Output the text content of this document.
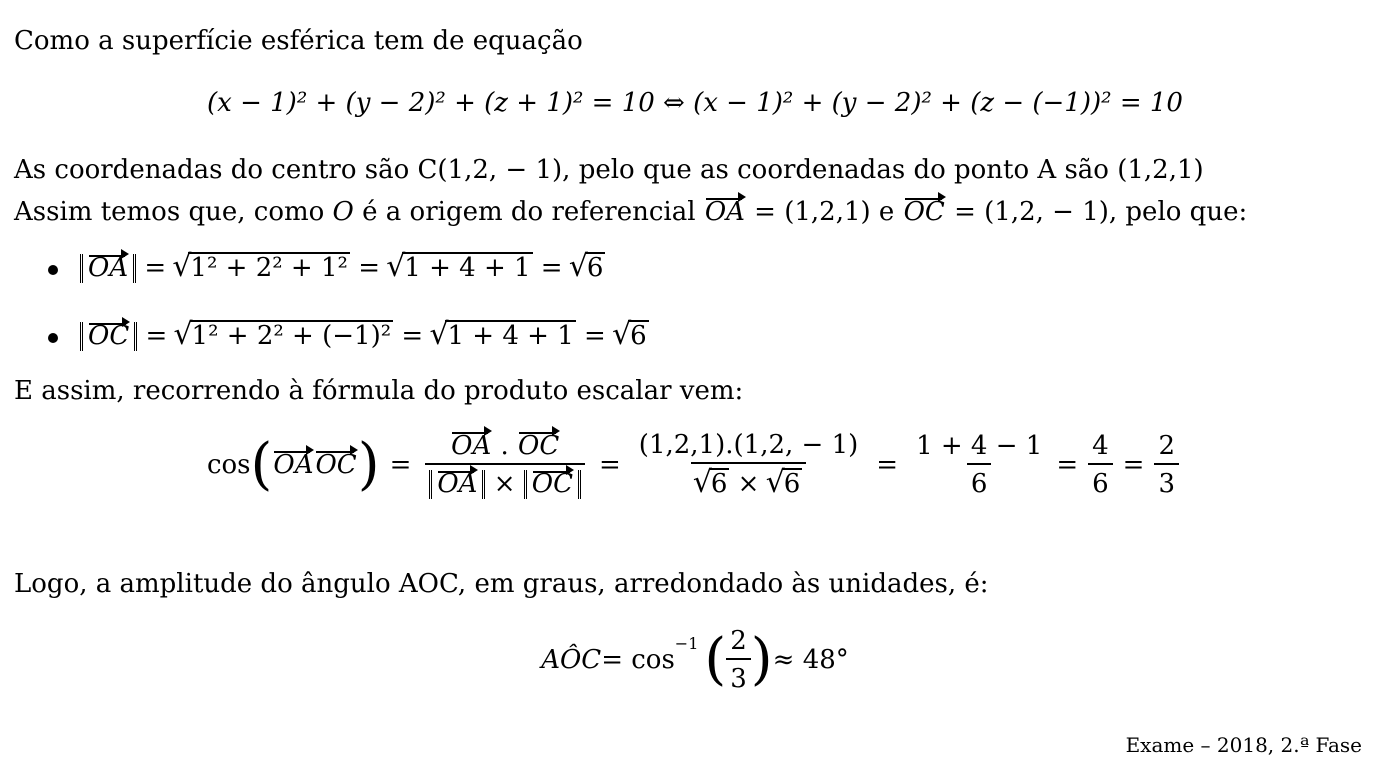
Como a superfície esférica tem de equação
(x − 1)² + (y − 2)² + (z + 1)² = 10 ⇔ (x − 1)² + (y − 2)² + (z − (−1))² = 10
As coordenadas do centro são C(1,2, − 1), pelo que as coordenadas do ponto A são (1,2,1)
Assim temos que, como O é a origem do referencial OA = (1,2,1) e OC = (1,2, − 1), pelo que:
OA = √ 1² + 2² + 1² = √ 1 + 4 + 1 = √ 6
OC = √ 1² + 2² + (−1)² = √ 1 + 4 + 1 = √ 6
E assim, recorrendo à fórmula do produto escalar vem:
cos ( OA OC ) = $\frac{OA . OC}{OA \times OC} = (1,2,1).(1,2$, − 1)
√ 6 × √ $6 = \frac{1 + 4 - 1}{6} = \frac{4}{6} = \frac{2}{3}$
Logo, a amplitude do ângulo AOC, em graus, arredondado às unidades, é:
AÔC = cos
$^{-1}$ ( $\frac{2}{3}$ ) ≈ 48°
Exame – 2018, 2.ª Fase
